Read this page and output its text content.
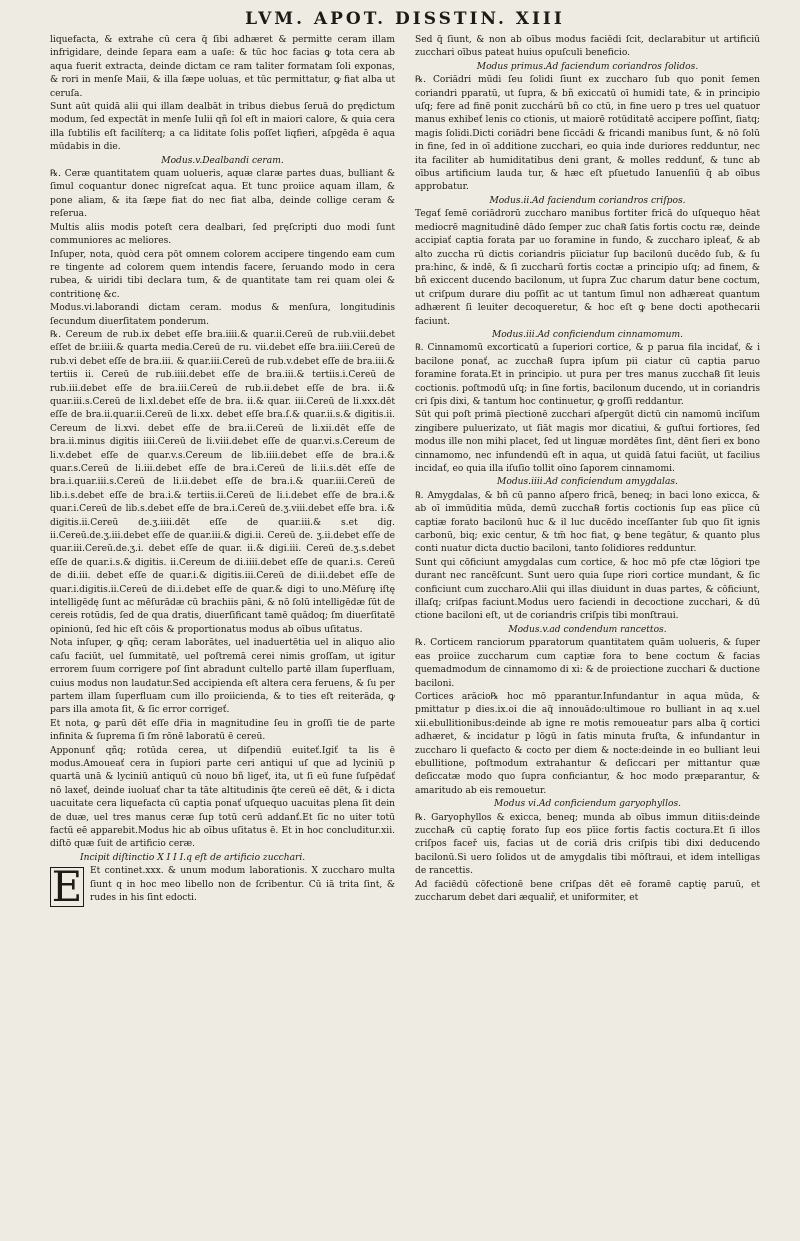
LVM. APOT. DISSTIN. XIII

liquefacta, & extrahe cū cera q̃ ſibi adhæret & permitte ceram illam infrigidare, deinde ſepara eam a uaſe: & tūc hoc facias ꝙ tota cera ab aqua fuerit extracta, deinde dictam ce ram taliter formatam ſoli exponas, & rori in menſe Maii, & illa ſæpe uoluas, et tūc permittatur, ꝙ fiat alba ut ceruſa.

Sunt aūt quidā alii qui illam dealbāt in tribus diebus ſeruā do prędictum modum, ſed expectāt in menſe Iulii qñ ſol eſt in maiori calore, & quia cera illa ſubtilis eſt facilíterq; a ca liditate ſolis poſſet liqfieri, aſpgēda ē aqua mūdabis in die.

Modus.v.Dealbandi ceram.

℞. Ceræ quantitatem quam uolueris, aquæ claræ partes duas, bulliant & ſimul coquantur donec nigreſcat aqua. Et tunc proiice aquam illam, & pone aliam, & ita ſæpe fiat do nec fiat alba, deinde collige ceram & reſerua.

Multis aliis modis poteſt cera dealbari, ſed pręſcripti duo modi ſunt communiores ac meliores.

Inſuper, nota, quòd cera pōt omnem colorem accipere tingendo eam cum re tingente ad colorem quem intendis facere, ſeruando modo in cera rubea, & uiridi tibi declara tum, & de quantitate tam rei quam olei & contritionę &c.

Modus.vi.laborandi dictam ceram. modus & menſura, longitudinis ſecundum diuerſitatem ponderum.

℞. Cereum de rub.ix debet eſſe bra.iiii.& quar.ii.Cereū de rub.viii.debet eſſet de br.iiii.& quarta media.Cereū de ru. vii.debet eſſe bra.iiii.Cereū de rub.vi debet eſſe de bra.iii. & quar.iii.Cereū de rub.v.debet eſſe de bra.iii.& tertiis ii. Cereū de rub.iiii.debet eſſe de bra.iii.& tertiis.i.Cereū de rub.iii.debet eſſe de bra.iii.Cereū de rub.ii.debet eſſe de bra. ii.& quar.iii.s.Cereū de li.xl.debet eſſe de bra. ii.& quar. iii.Cereū de li.xxx.dēt eſſe de bra.ii.quar.ii.Cereū de li.xx. debet eſſe bra.ſ.& quar.ii.s.& digitis.ii. Cereum de li.xvi. debet eſſe de bra.ii.Cereū de li.xii.dēt eſſe de bra.ii.minus digitis iiii.Cereū de li.viii.debet eſſe de quar.vi.s.Cereum de li.v.debet eſſe de quar.v.s.Cereum de lib.iiii.debet eſſe de bra.i.& quar.s.Cereū de li.iii.debet eſſe de bra.i.Cereū de li.ii.s.dēt eſſe de bra.i.quar.iii.s.Cereū de li.ii.debet eſſe de bra.i.& quar.iii.Cereū de lib.i.s.debet eſſe de bra.i.& tertiis.ii.Cereū de li.i.debet eſſe de bra.i.& quar.i.Cereū de lib.s.debet eſſe de bra.i.Cereū de.ʒ.viii.debet eſſe bra. i.& digitis.ii.Cereū de.ʒ.iiii.dēt eſſe de quar.iii.& s.et dig. ii.Cereū.de.ʒ.iii.debet eſſe de quar.iii.& digi.ii. Cereū de. ʒ.ii.debet eſſe de quar.iii.Cereū.de.ʒ.i. debet eſſe de quar. ii.& digi.iii. Cereū de.ʒ.s.debet eſſe de quar.i.s.& digitis. ii.Cereum de di.iiii.debet eſſe de quar.i.s. Cereū de di.iii. debet eſſe de quar.i.& digitis.iii.Cereū de di.ii.debet eſſe de quar.i.digitis.ii.Cereū de di.i.debet eſſe de quar.& digi to uno.Mēſurę iſtę intelligēdę ſunt ac mēſurādæ cū brachiis pāni, & nō ſolū intelligēdæ ſūt de cereis rotūdis, ſed de qua dratis, diuerſificant tamē quādoq; ſm diuerſitatē opinionū, ſed hic eſt cōis & proportionatus modus ab oībus uſitatus.

Nota inſuper, ꝙ qñq; ceram laborātes, uel inaduertētia uel in aliquo alio caſu faciūt, uel ſummitatē, uel poſtremā cerei nimis groſſam, ut igitur errorem ſuum corrigere poſ ſint abradunt cultello partē illam ſuperfluam, cuius modus non laudatur.Sed accipienda eſt altera cera feruens, & ſu per partem illam ſuperfluam cum illo proiicienda, & to ties eſt reiterāda, ꝙ pars illa amota ſit, & ſic error corrigeť.

Et nota, ꝙ parū dēt eſſe dr̃ia in magnitudine ſeu in groſſi tie de parte infinita & ſuprema ſi ſm rōnē laboratū ē cereū.

Apponunť qñq; rotūda cerea, ut diſpendiū euiteť.Igiť ta lis ē modus.Amoueať cera in ſupiori parte ceri antiqui uſ que ad lyciniū p quartā unā & lyciniū antiquū cū nouo bñ ligeť, ita, ut ſi eū fune ſuſpēdať nō laxeť, deinde iuoluať char ta tāte altitudinis q̃te cereū eē dēt, & i dicta uacuitate cera liquefacta cū captia ponať uſquequo uacuitas plena ſit dein de duæ, uel tres manus ceræ ſup totū cerū addanť.Et ſic no uiter totū factū eē apparebit.Modus hic ab oībus uſitatus ē. Et in hoc concluditur.xii. diſtō quæ ſuit de artificio ceræ.

Incipit diſtinctio X I I I.q eſt de artificio zucchari.

E Et continet.xxx. & unum modum laborationis. X zuccharo multa ſiunt q in hoc meo libello non de ſcribentur. Cū iā trita ſint, & rudes in his ſint edocti.

Sed q̃ ſiunt, & non ab oībus modus faciēdi ſcit, declarabitur ut artificiū zucchari oībus pateat huius opuſculi beneficio.

Modus primus.Ad faciendum coriandros ſolidos.

℞. Coriādri mūdi ſeu ſolidi ſiunt ex zuccharo ſub quo ponit ſemen coriandri pparatū, ut ſupra, & bñ exiccatū oī humidi tate, & in principio uſq; fere ad finē ponit zucchárū bñ co ctū, in fine uero p tres uel quatuor manus exhibeť lenis co ctionis, ut maiorē rotūditatē accipere poſſint, ſiatq; magis ſolidi.Dicti coriādri bene ſiccādi & fricandi manibus ſunt, & nō ſolū in fine, ſed in oī additione zucchari, eo quia inde duriores redduntur, nec ita faciliter ab humiditatibus deni grant, & molles reddunť, & tunc ab oībus artificium lauda tur, & hæc eſt pſuetudo Ianuenſiū q̃ ab oībus approbatur.

Modus.ii.Ad faciendum coriandros criſpos.

Tegať ſemē coriādrorū zuccharo manibus fortiter fricā do uſquequo hēat mediocrē magnitudinē dādo ſemper zuc cha℞ ſatis fortis coctu ræ, deinde accipiať captia forata par uo foramine in fundo, & zuccharo ipleať, & ab alto zuccha rū dictis coriandris pīiciatur ſup bacilonū ducēdo ſub, & ſu pra:hinc, & indē, & ſi zuccharū fortis coctæ a principio uſq; ad finem, & bñ exiccent ducendo bacilonum, ut ſupra Zuc charum datur bene coctum, ut criſpum durare diu poſſit ac ut tantum ſimul non adhæreat quantum adhærent ſi leuiter decoqueretur, & hoc eſt ꝙ bene docti apothecarii faciunt.

Modus.iii.Ad conficiendum cinnamomum.

℞. Cinnamomū excorticatū a ſuperiori cortice, & p parua fila incidať, & i bacilone ponať, ac zuccha℞ ſupra ipſum pii ciatur cū captia paruo foramine forata.Et in principio. ut pura per tres manus zuccha℞ ſit leuis coctionis. poſtmodū uſq; in ſine fortis, bacilonum ducendo, ut in coriandris cri ſpis dixi, & tantum hoc continuetur, ꝙ groſſi reddantur.

Sūt qui poſt primā pīectionē zucchari aſpergūt dictū cin namomū incīſum zingibere puluerizato, ut ſiāt magis mor dicatiui, & guſtui fortiores, ſed modus ille non mihi placet, ſed ut linguæ mordētes ſint, dēnt ſieri ex bono cinnamomo, nec infundendū eſt in aqua, ut quidā ſatui faciūt, ut facilius incidať, eo quia illa iſuſio tollit oīno ſaporem cinnamomi.

Modus.iiii.Ad conficiendum amygdalas.

℞. Amygdalas, & bñ cū panno aſpero fricā, beneq; in baci lono exicca, & ab oī immūditia mūda, demū zuccha℞ fortis coctionis ſup eas pīice cū captiæ forato bacilonū huc & il luc ducēdo inceſſanter ſub quo ſit ignis carbonū, biq; exic centur, & tm̃ hoc fiat, ꝙ bene tegātur, & quanto plus conti nuatur dicta ductio baciloni, tanto ſolidiores redduntur.

Sunt qui cōficiunt amygdalas cum cortice, & hoc mō pfe ctæ lōgiori tpe durant nec rancēſcunt. Sunt uero quia ſupe riori cortice mundant, & ſic conficiunt cum zuccharo.Alii qui illas diuidunt in duas partes, & cōficiunt, illaſq; criſpas faciunt.Modus uero faciendi in decoctione zucchari, & dū ctione baciloni eſt, ut de coriandris criſpis tibi monſtraui.

Modus.v.ad condendum rancettos.

℞. Corticem ranciorum pparatorum quantitatem quām uolueris, & ſuper eas proiice zuccharum cum captiæ fora to bene coctum & facias quemadmodum de cinnamomo di xi: & de proiectione zucchari & ductione baciloni.

Cortices arācio℞ hoc mō pparantur.Infundantur in aqua mūda, & pmittatur p dies.ix.oi die aq̃ innouādo:ultimoue ro bulliant in aq x.uel xii.ebullitionibus:deinde ab igne re motis remoueatur pars alba q̃ cortici adhæret, & incidatur p lōgū in ſatis minuta fruſta, & infundantur in zuccharo li quefacto & cocto per diem & nocte:deinde in eo bulliant leui ebullitione, poſtmodum extrahantur & deſiccari per mittantur quæ deſiccatæ modo quo ſupra conficiantur, & hoc modo præparantur, & amaritudo ab eis remouetur.

Modus vi.Ad conficiendum garyophyllos.

℞. Garyophyllos & exicca, beneq; munda ab oībus immun ditiis:deinde zuccha℞ cū captię forato ſup eos pīice fortis factis coctura.Et ſi illos criſpos faceř uis, facias ut de coriā dris criſpis tibi dixi deducendo bacilonū.Si uero ſolidos ut de amygdalis tibi mōſtraui, et idem intelligas de rancettis.

Ad faciēdū cōfectionē bene criſpas dēt eē foramē captię paruū, et zuccharum debet dari æqualiř, et uniformiter, et
